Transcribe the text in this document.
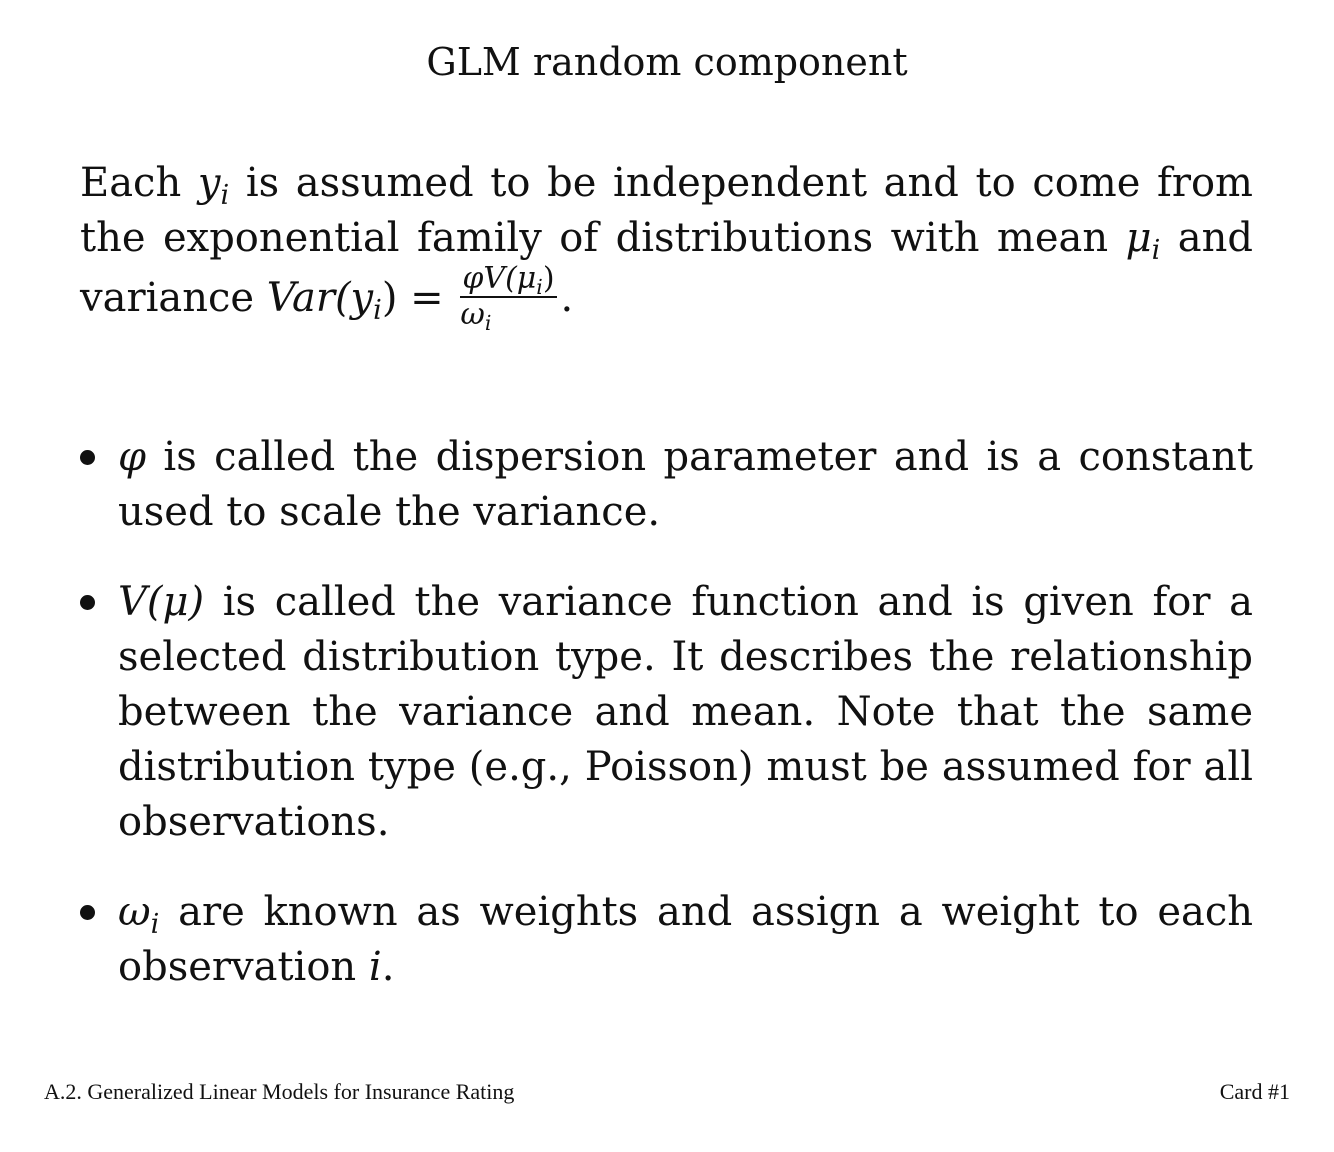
GLM random component
Each $y_i$ is assumed to be independent and to come from the exponential family of distributions with mean $\mu_i$ and variance $Var(y_i) = \frac{\varphi V(\mu_i)}{\omega_i}$ .
φ is called the dispersion parameter and is a constant used to scale the variance.
V(μ) is called the variance function and is given for a selected distribution type. It describes the relationship between the variance and mean. Note that the same distribution type (e.g., Poisson) must be assumed for all observations.
$\omega_i$ are known as weights and assign a weight to each observation i.
A.2. Generalized Linear Models for Insurance Rating	Card #1
